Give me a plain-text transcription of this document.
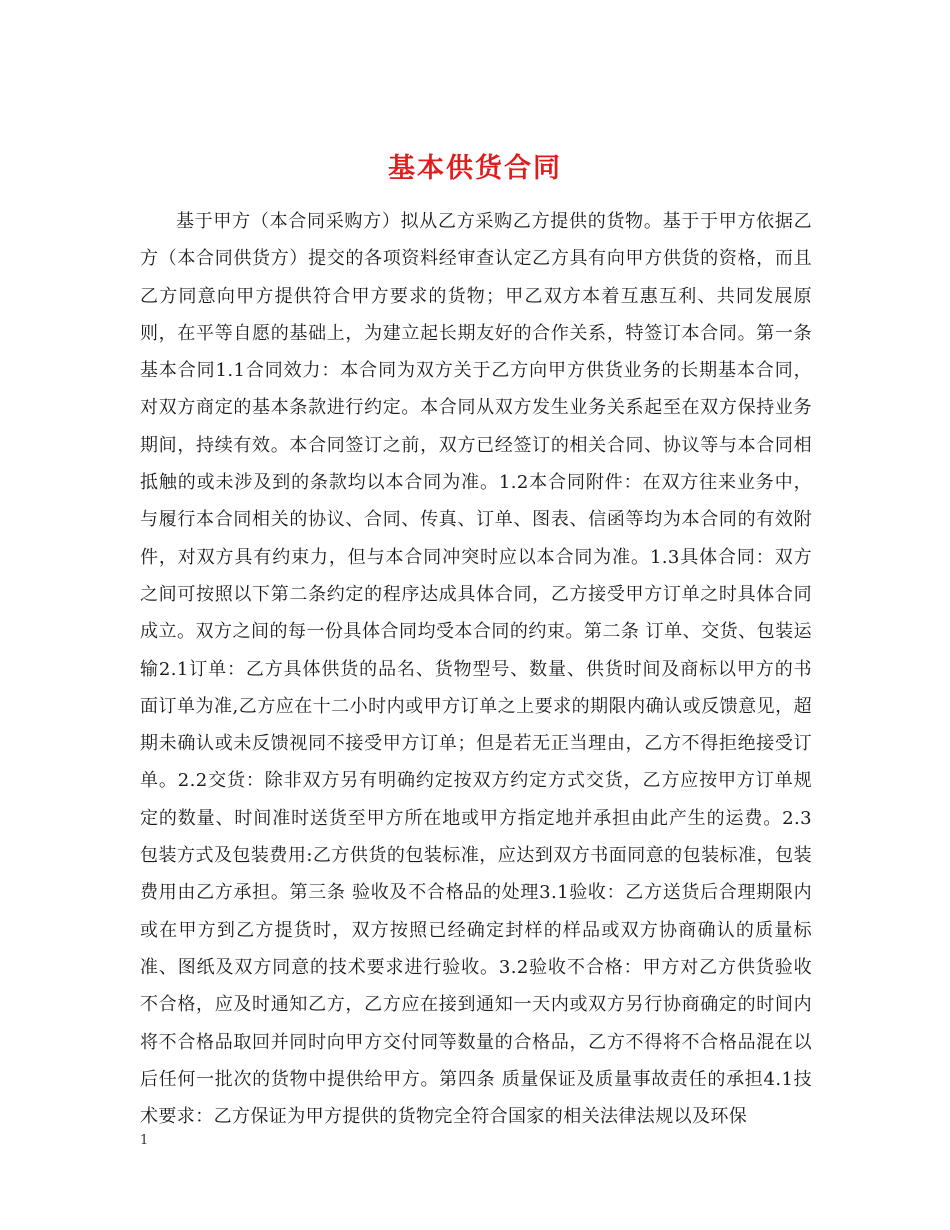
基本供货合同

基于甲方（本合同采购方）拟从乙方采购乙方提供的货物。基于于甲方依据乙方（本合同供货方）提交的各项资料经审查认定乙方具有向甲方供货的资格，而且乙方同意向甲方提供符合甲方要求的货物；甲乙双方本着互惠互利、共同发展原则，在平等自愿的基础上，为建立起长期友好的合作关系，特签订本合同。第一条 基本合同1.1合同效力：本合同为双方关于乙方向甲方供货业务的长期基本合同，对双方商定的基本条款进行约定。本合同从双方发生业务关系起至在双方保持业务期间，持续有效。本合同签订之前，双方已经签订的相关合同、协议等与本合同相抵触的或未涉及到的条款均以本合同为准。1.2本合同附件：在双方往来业务中，与履行本合同相关的协议、合同、传真、订单、图表、信函等均为本合同的有效附件，对双方具有约束力，但与本合同冲突时应以本合同为准。1.3具体合同：双方之间可按照以下第二条约定的程序达成具体合同，乙方接受甲方订单之时具体合同成立。双方之间的每一份具体合同均受本合同的约束。第二条 订单、交货、包装运输2.1订单：乙方具体供货的品名、货物型号、数量、供货时间及商标以甲方的书面订单为准,乙方应在十二小时内或甲方订单之上要求的期限内确认或反馈意见，超期未确认或未反馈视同不接受甲方订单；但是若无正当理由，乙方不得拒绝接受订单。2.2交货：除非双方另有明确约定按双方约定方式交货，乙方应按甲方订单规定的数量、时间准时送货至甲方所在地或甲方指定地并承担由此产生的运费。2.3包装方式及包装费用:乙方供货的包装标准，应达到双方书面同意的包装标准，包装费用由乙方承担。第三条 验收及不合格品的处理3.1验收：乙方送货后合理期限内或在甲方到乙方提货时，双方按照已经确定封样的样品或双方协商确认的质量标准、图纸及双方同意的技术要求进行验收。3.2验收不合格：甲方对乙方供货验收不合格，应及时通知乙方，乙方应在接到通知一天内或双方另行协商确定的时间内将不合格品取回并同时向甲方交付同等数量的合格品，乙方不得将不合格品混在以后任何一批次的货物中提供给甲方。第四条 质量保证及质量事故责任的承担4.1技术要求：乙方保证为甲方提供的货物完全符合国家的相关法律法规以及环保

1
